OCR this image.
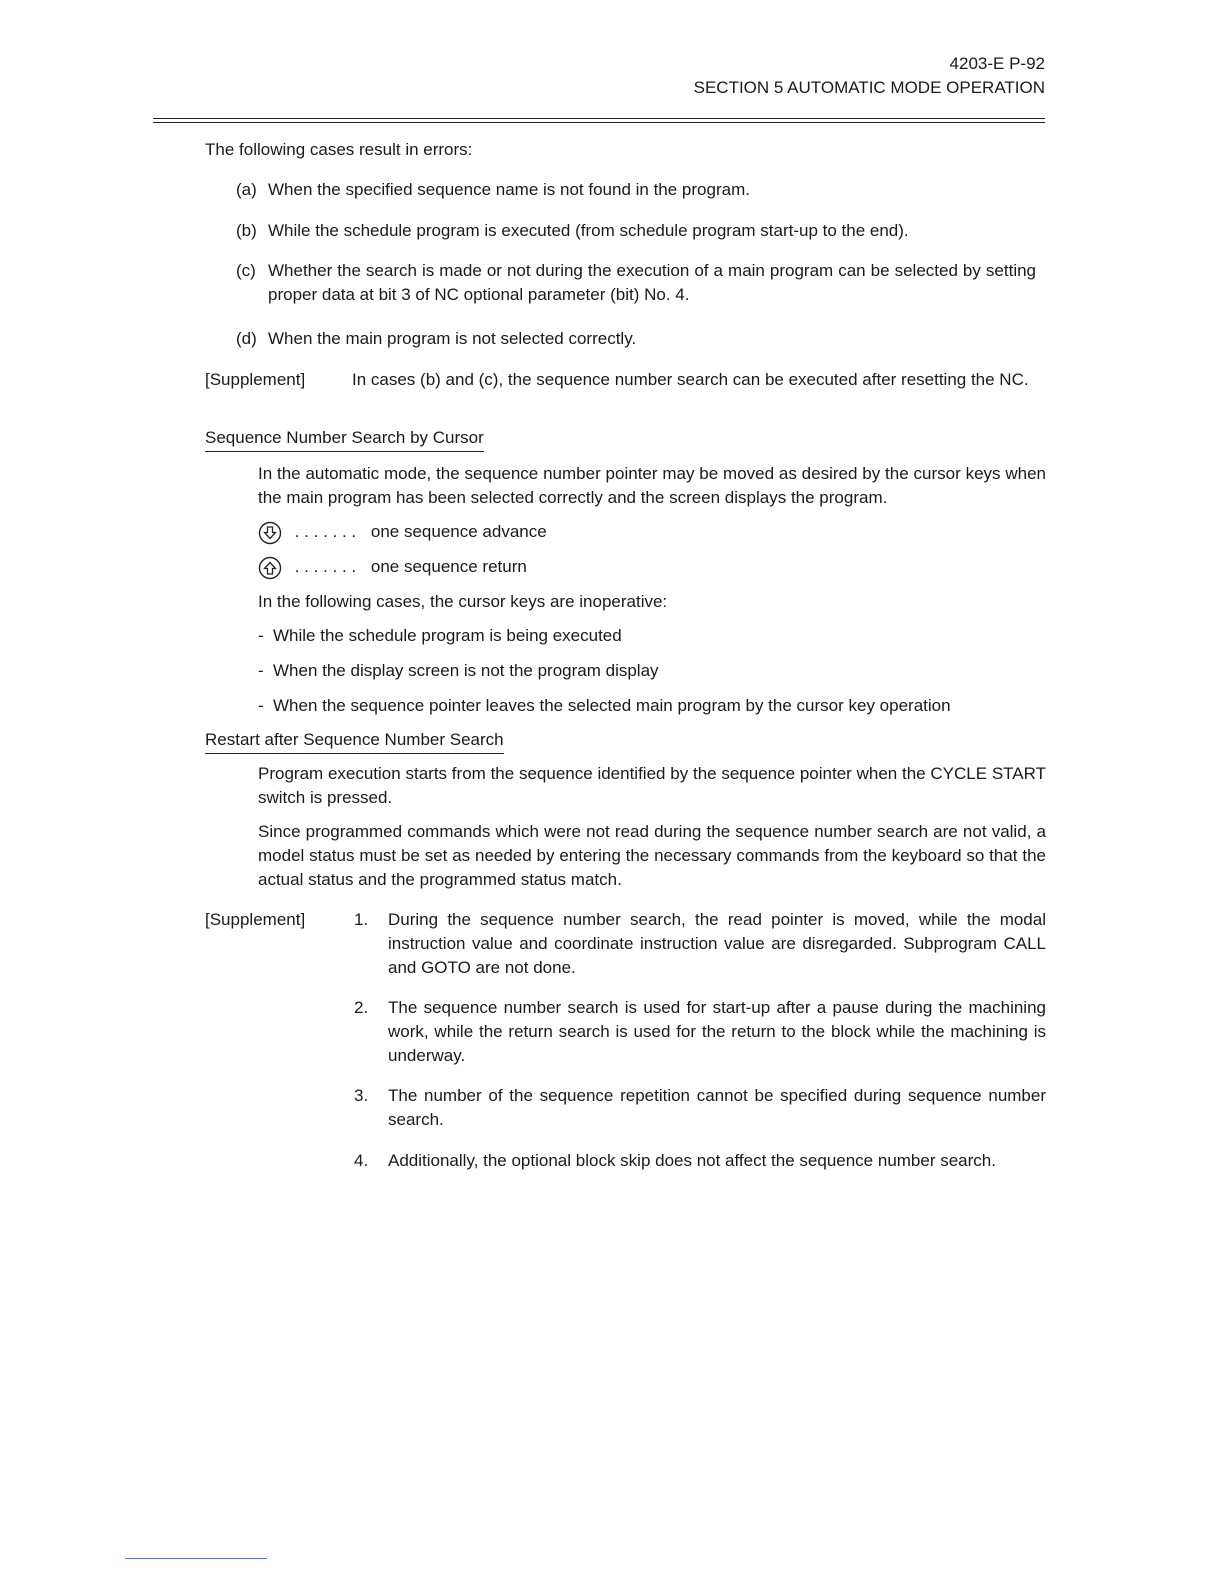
4203-E P-92
SECTION 5 AUTOMATIC MODE OPERATION
The following cases result in errors:
(a) When the specified sequence name is not found in the program.
(b) While the schedule program is executed (from schedule program start-up to the end).
(c) Whether the search is made or not during the execution of a main program can be selected by setting proper data at bit 3 of NC optional parameter (bit) No. 4.
(d) When the main program is not selected correctly.
[Supplement]	In cases (b) and (c), the sequence number search can be executed after resetting the NC.
Sequence Number Search by Cursor
In the automatic mode, the sequence number pointer may be moved as desired by the cursor keys when the main program has been selected correctly and the screen displays the program.
. . . . . . . one sequence advance
. . . . . . . one sequence return
In the following cases, the cursor keys are inoperative:
- While the schedule program is being executed
- When the display screen is not the program display
- When the sequence pointer leaves the selected main program by the cursor key operation
Restart after Sequence Number Search
Program execution starts from the sequence identified by the sequence pointer when the CYCLE START switch is pressed.
Since programmed commands which were not read during the sequence number search are not valid, a model status must be set as needed by entering the necessary commands from the keyboard so that the actual status and the programmed status match.
[Supplement]	1. During the sequence number search, the read pointer is moved, while the modal instruction value and coordinate instruction value are disregarded. Subprogram CALL and GOTO are not done.
2. The sequence number search is used for start-up after a pause during the machining work, while the return search is used for the return to the block while the machining is underway.
3. The number of the sequence repetition cannot be specified during sequence number search.
4. Additionally, the optional block skip does not affect the sequence number search.
